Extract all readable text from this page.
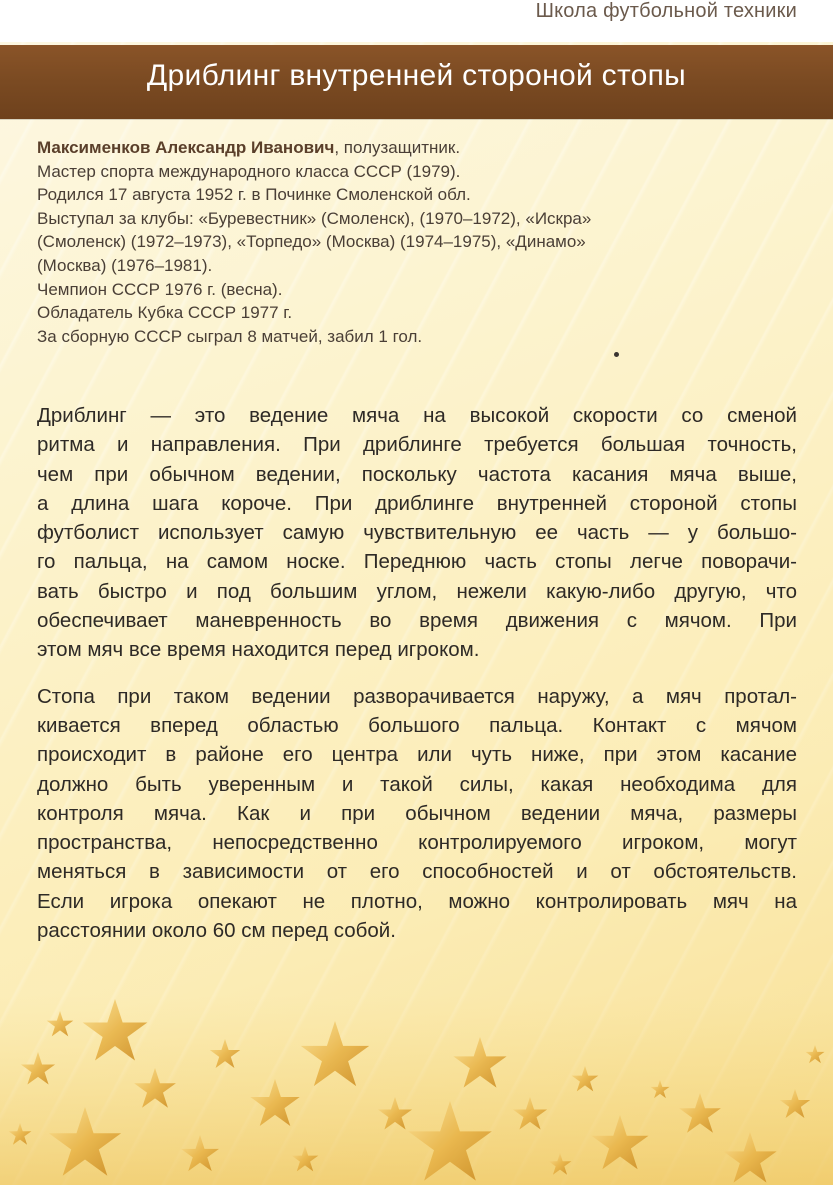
Школа футбольной техники
Дриблинг внутренней стороной стопы
Максименков Александр Иванович, полузащитник.
Мастер спорта международного класса СССР (1979).
Родился 17 августа 1952 г. в Починке Смоленской обл.
Выступал за клубы: «Буревестник» (Смоленск), (1970–1972), «Искра»
(Смоленск) (1972–1973), «Торпедо» (Москва) (1974–1975), «Динамо»
(Москва) (1976–1981).
Чемпион СССР 1976 г. (весна).
Обладатель Кубка СССР 1977 г.
За сборную СССР сыграл 8 матчей, забил 1 гол.

Дриблинг — это ведение мяча на высокой скорости со сменой
ритма и направления. При дриблинге требуется большая точность,
чем при обычном ведении, поскольку частота касания мяча выше,
а длина шага короче. При дриблинге внутренней стороной стопы
футболист использует самую чувствительную ее часть — у большо-
го пальца, на самом носке. Переднюю часть стопы легче поворачи-
вать быстро и под большим углом, нежели какую-либо другую, что
обеспечивает маневренность во время движения с мячом. При
этом мяч все время находится перед игроком.

Стопа при таком ведении разворачивается наружу, а мяч протал-
кивается вперед областью большого пальца. Контакт с мячом
происходит в районе его центра или чуть ниже, при этом касание
должно быть уверенным и такой силы, какая необходима для
контроля мяча. Как и при обычном ведении мяча, размеры
пространства, непосредственно контролируемого игроком, могут
меняться в зависимости от его способностей и от обстоятельств.
Если игрока опекают не плотно, можно контролировать мяч на
расстоянии около 60 см перед собой.
